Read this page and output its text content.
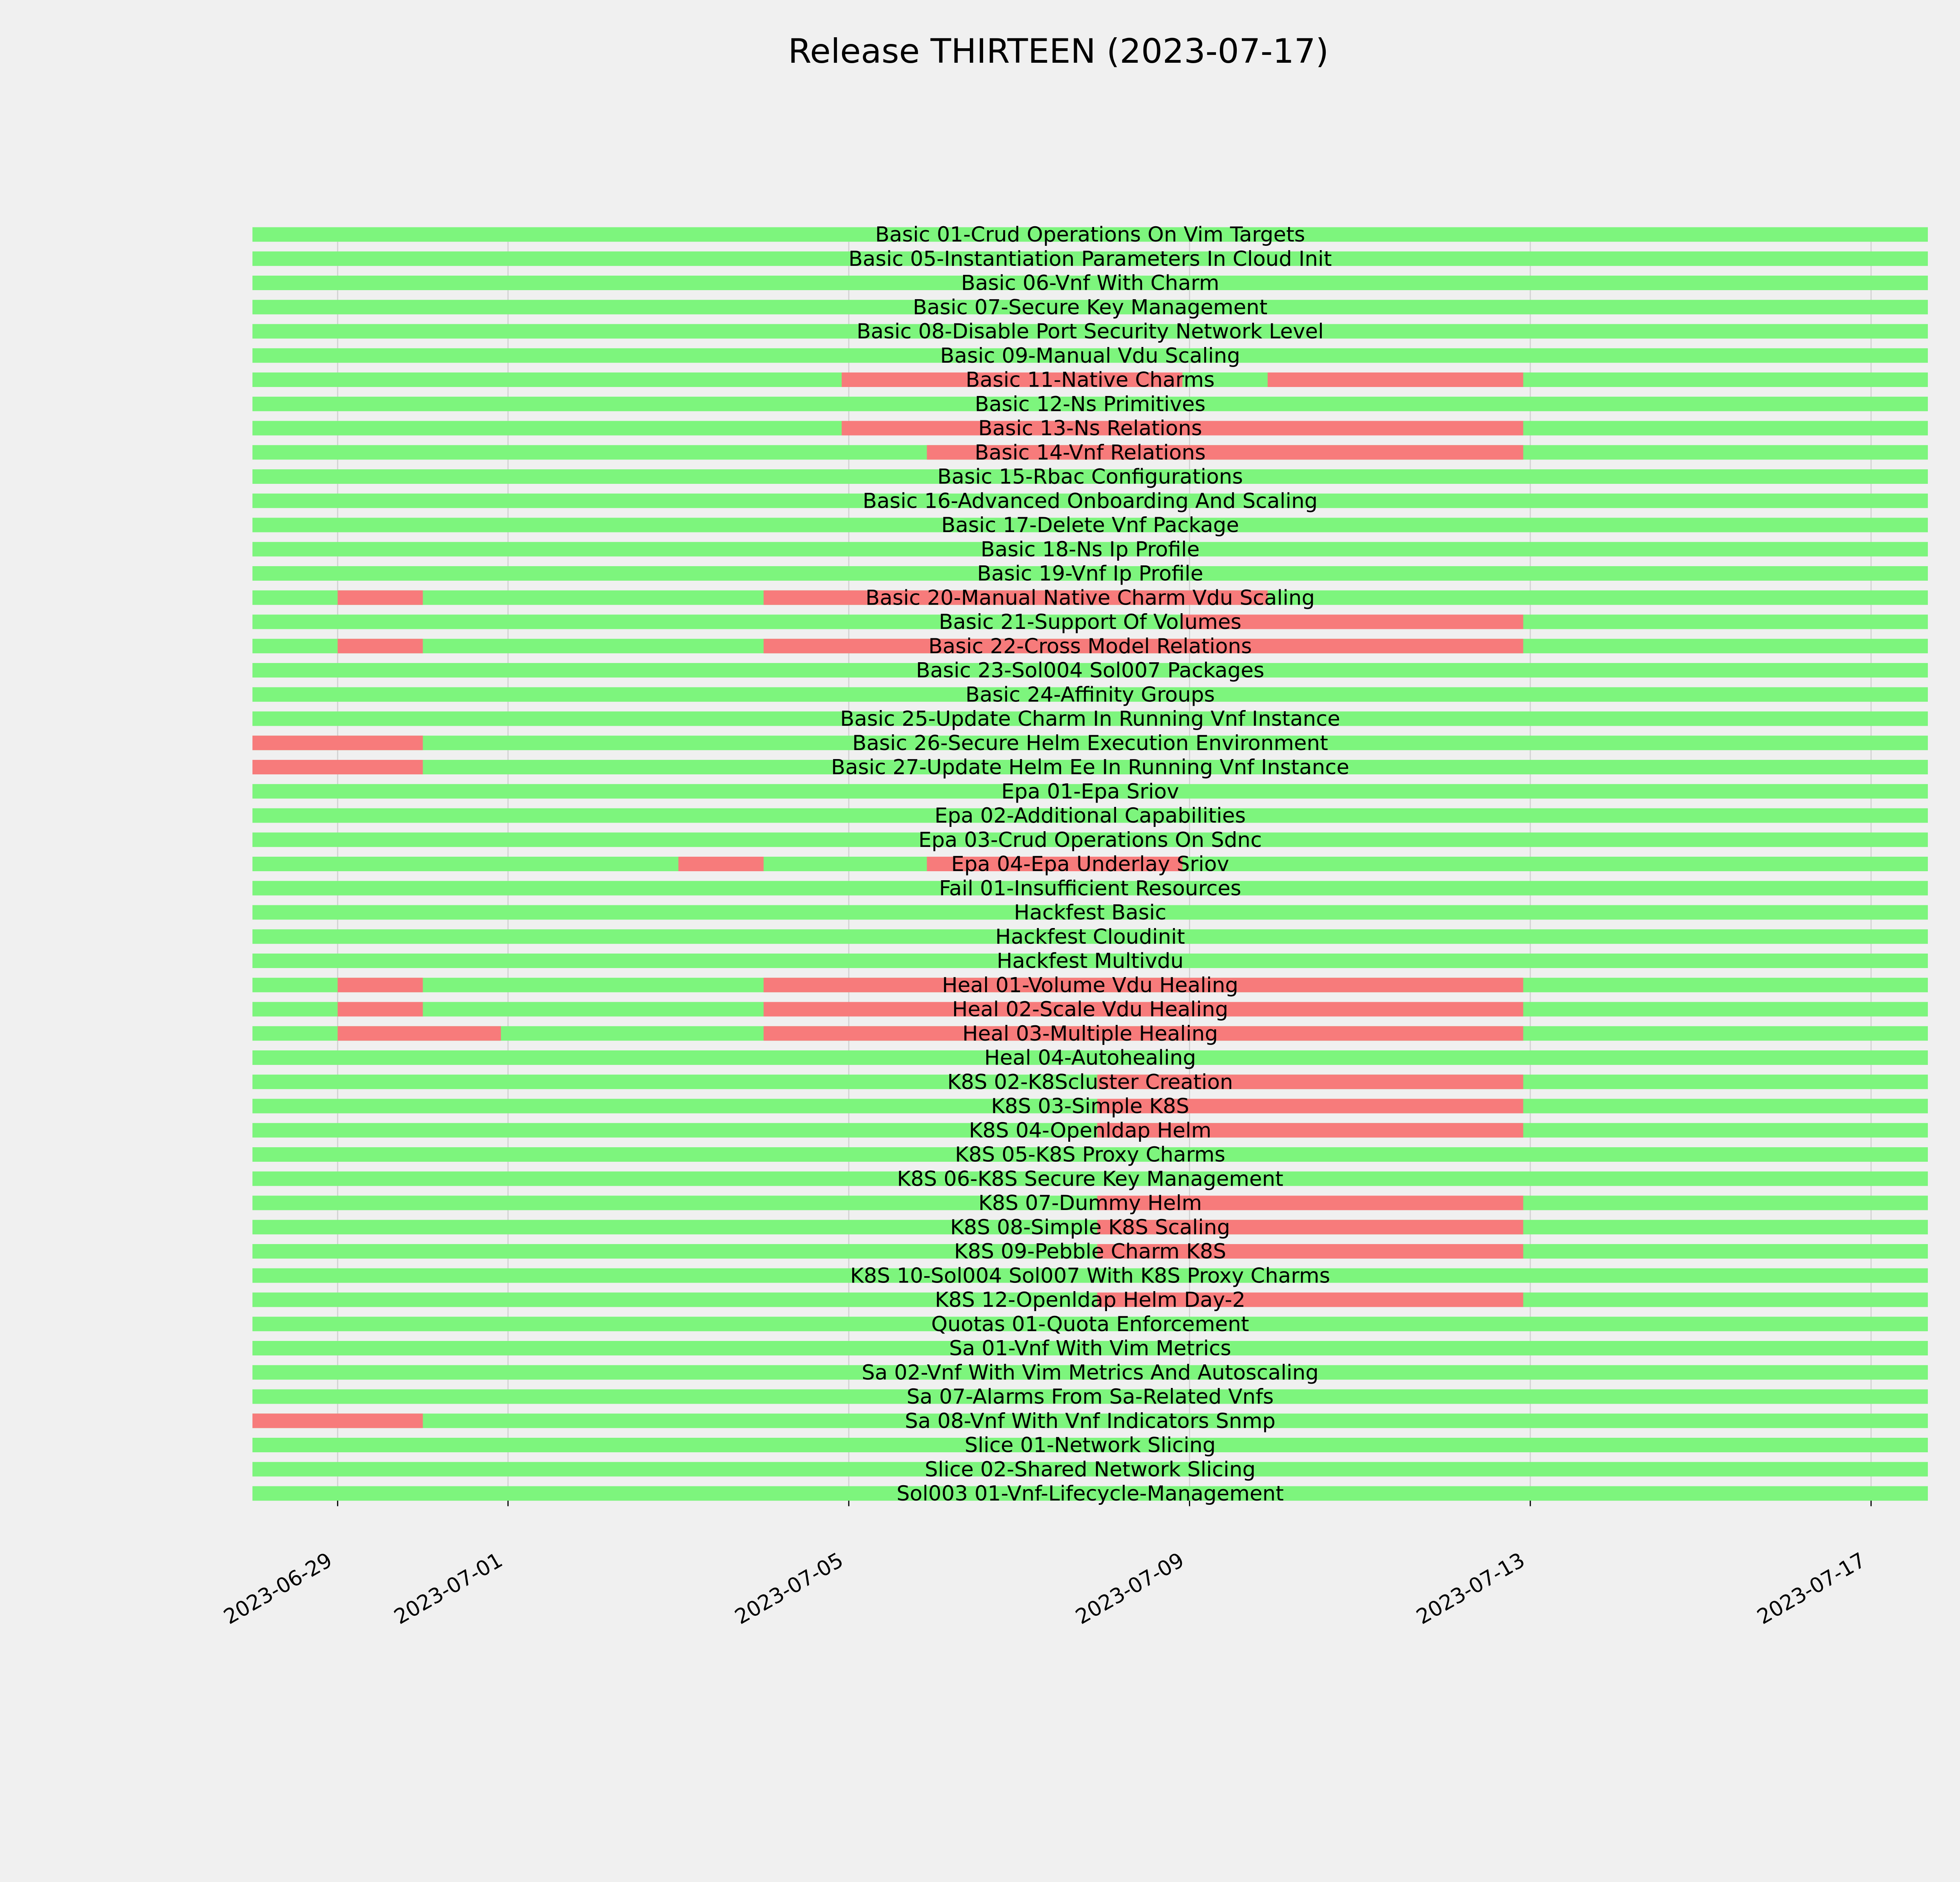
Release THIRTEEN (2023-07-17)
Basic 01-Crud Operations On Vim Targets
Basic 05-Instantiation Parameters In Cloud Init
Basic 06-Vnf With Charm
Basic 07-Secure Key Management
Basic 08-Disable Port Security Network Level
Basic 09-Manual Vdu Scaling
Basic 11-Native Charms
Basic 12-Ns Primitives
Basic 13-Ns Relations
Basic 14-Vnf Relations
Basic 15-Rbac Configurations
Basic 16-Advanced Onboarding And Scaling
Basic 17-Delete Vnf Package
Basic 18-Ns Ip Profile
Basic 19-Vnf Ip Profile
Basic 20-Manual Native Charm Vdu Scaling
Basic 21-Support Of Volumes
Basic 22-Cross Model Relations
Basic 23-Sol004 Sol007 Packages
Basic 24-Affinity Groups
Basic 25-Update Charm In Running Vnf Instance
Basic 26-Secure Helm Execution Environment
Basic 27-Update Helm Ee In Running Vnf Instance
Epa 01-Epa Sriov
Epa 02-Additional Capabilities
Epa 03-Crud Operations On Sdnc
Epa 04-Epa Underlay Sriov
Fail 01-Insufficient Resources
Hackfest Basic
Hackfest Cloudinit
Hackfest Multivdu
Heal 01-Volume Vdu Healing
Heal 02-Scale Vdu Healing
Heal 03-Multiple Healing
Heal 04-Autohealing
K8S 02-K8Scluster Creation
K8S 03-Simple K8S
K8S 04-Openldap Helm
K8S 05-K8S Proxy Charms
K8S 06-K8S Secure Key Management
K8S 07-Dummy Helm
K8S 08-Simple K8S Scaling
K8S 09-Pebble Charm K8S
K8S 10-Sol004 Sol007 With K8S Proxy Charms
K8S 12-Openldap Helm Day-2
Quotas 01-Quota Enforcement
Sa 01-Vnf With Vim Metrics
Sa 02-Vnf With Vim Metrics And Autoscaling
Sa 07-Alarms From Sa-Related Vnfs
Sa 08-Vnf With Vnf Indicators Snmp
Slice 01-Network Slicing
Slice 02-Shared Network Slicing
Sol003 01-Vnf-Lifecycle-Management
2023-06-29	2023-07-01	2023-07-05	2023-07-09	2023-07-13	2023-07-17
